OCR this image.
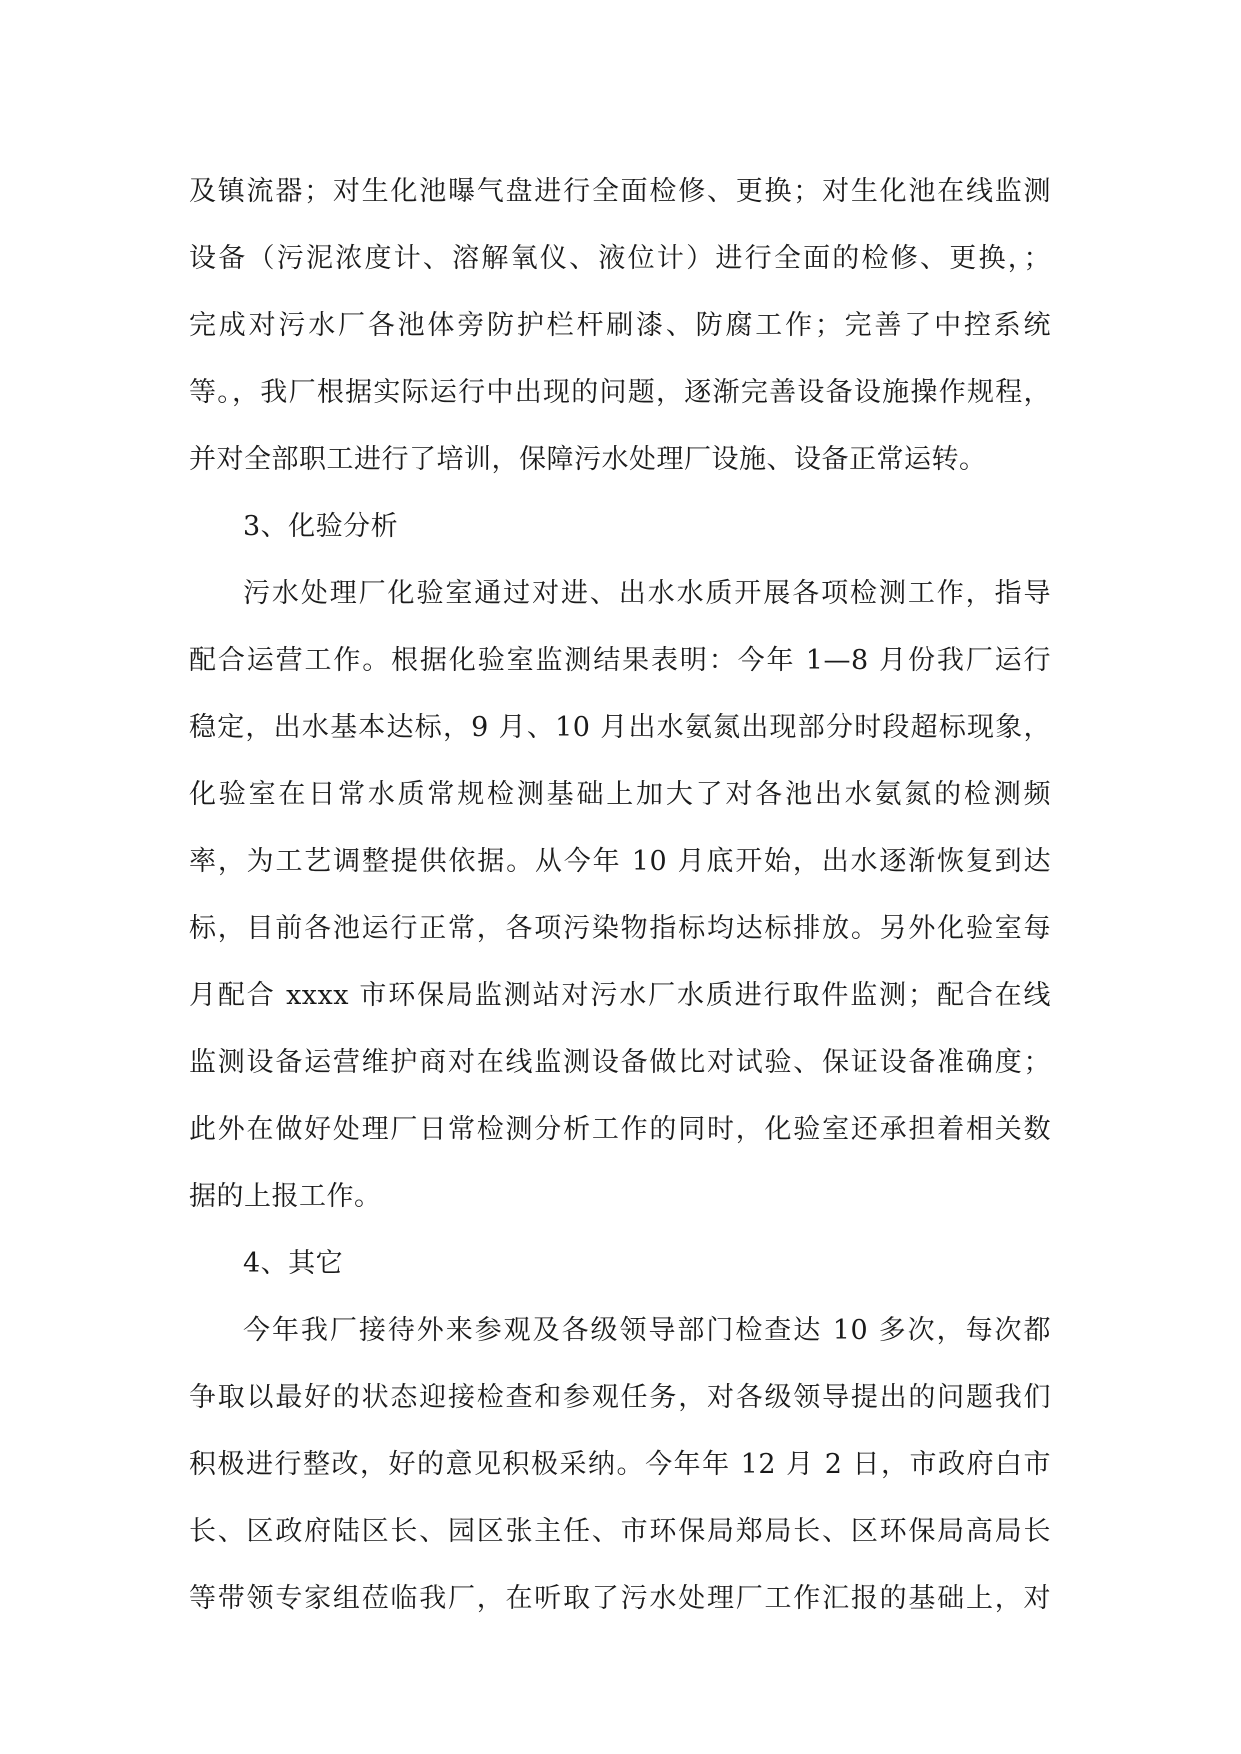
及镇流器；对生化池曝气盘进行全面检修、更换；对生化池在线监测
设备（污泥浓度计、溶解氧仪、液位计）进行全面的检修、更换，；
完成对污水厂各池体旁防护栏杆刷漆、防腐工作；完善了中控系统
等。，我厂根据实际运行中出现的问题，逐渐完善设备设施操作规程，
并对全部职工进行了培训，保障污水处理厂设施、设备正常运转。
3、化验分析
污水处理厂化验室通过对进、出水水质开展各项检测工作，指导
配合运营工作。根据化验室监测结果表明：今年 1—8 月份我厂运行
稳定，出水基本达标，9 月、10 月出水氨氮出现部分时段超标现象，
化验室在日常水质常规检测基础上加大了对各池出水氨氮的检测频
率，为工艺调整提供依据。从今年 10 月底开始，出水逐渐恢复到达
标，目前各池运行正常，各项污染物指标均达标排放。另外化验室每
月配合 xxxx 市环保局监测站对污水厂水质进行取件监测；配合在线
监测设备运营维护商对在线监测设备做比对试验、保证设备准确度；
此外在做好处理厂日常检测分析工作的同时，化验室还承担着相关数
据的上报工作。
4、其它
今年我厂接待外来参观及各级领导部门检查达 10 多次，每次都
争取以最好的状态迎接检查和参观任务，对各级领导提出的问题我们
积极进行整改，好的意见积极采纳。今年年 12 月 2 日，市政府白市
长、区政府陆区长、园区张主任、市环保局郑局长、区环保局高局长
等带领专家组莅临我厂，在听取了污水处理厂工作汇报的基础上，对
